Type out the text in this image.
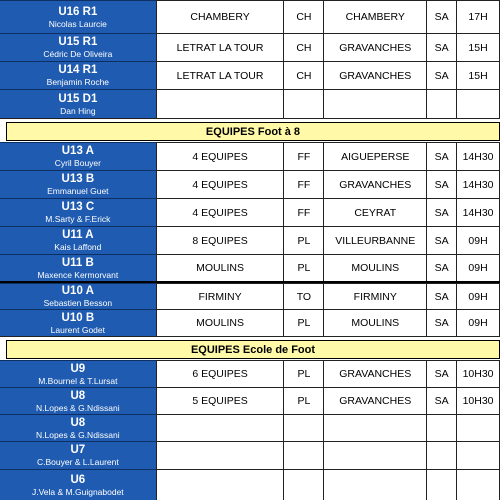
U16 R1
Nicolas Laurcie
CHAMBERY	CH	CHAMBERY	SA	17H
U15 R1
Cédric De Oliveira
LETRAT LA TOUR	CH	GRAVANCHES	SA	15H
U14 R1
Benjamin Roche
LETRAT LA TOUR	CH	GRAVANCHES	SA	15H
U15 D1
Dan Hing
EQUIPES Foot à 8
U13 A
Cyril Bouyer
4 EQUIPES	FF	AIGUEPERSE	SA	14H30
U13 B
Emmanuel Guet
4 EQUIPES	FF	GRAVANCHES	SA	14H30
U13 C
M.Sarty & F.Erick
4 EQUIPES	FF	CEYRAT	SA	14H30
U11 A
Kais Laffond
8 EQUIPES	PL	VILLEURBANNE	SA	09H
U11 B
Maxence Kermorvant
MOULINS	PL	MOULINS	SA	09H
U10 A
Sebastien Besson
FIRMINY	TO	FIRMINY	SA	09H
U10 B
Laurent Godet
MOULINS	PL	MOULINS	SA	09H
EQUIPES Ecole de Foot
U9
M.Bournel & T.Lursat
6 EQUIPES	PL	GRAVANCHES	SA	10H30
U8
N.Lopes & G.Ndissani
5 EQUIPES	PL	GRAVANCHES	SA	10H30
U8
N.Lopes & G.Ndissani
U7
C.Bouyer & L.Laurent
U6
J.Vela & M.Guignabodet
